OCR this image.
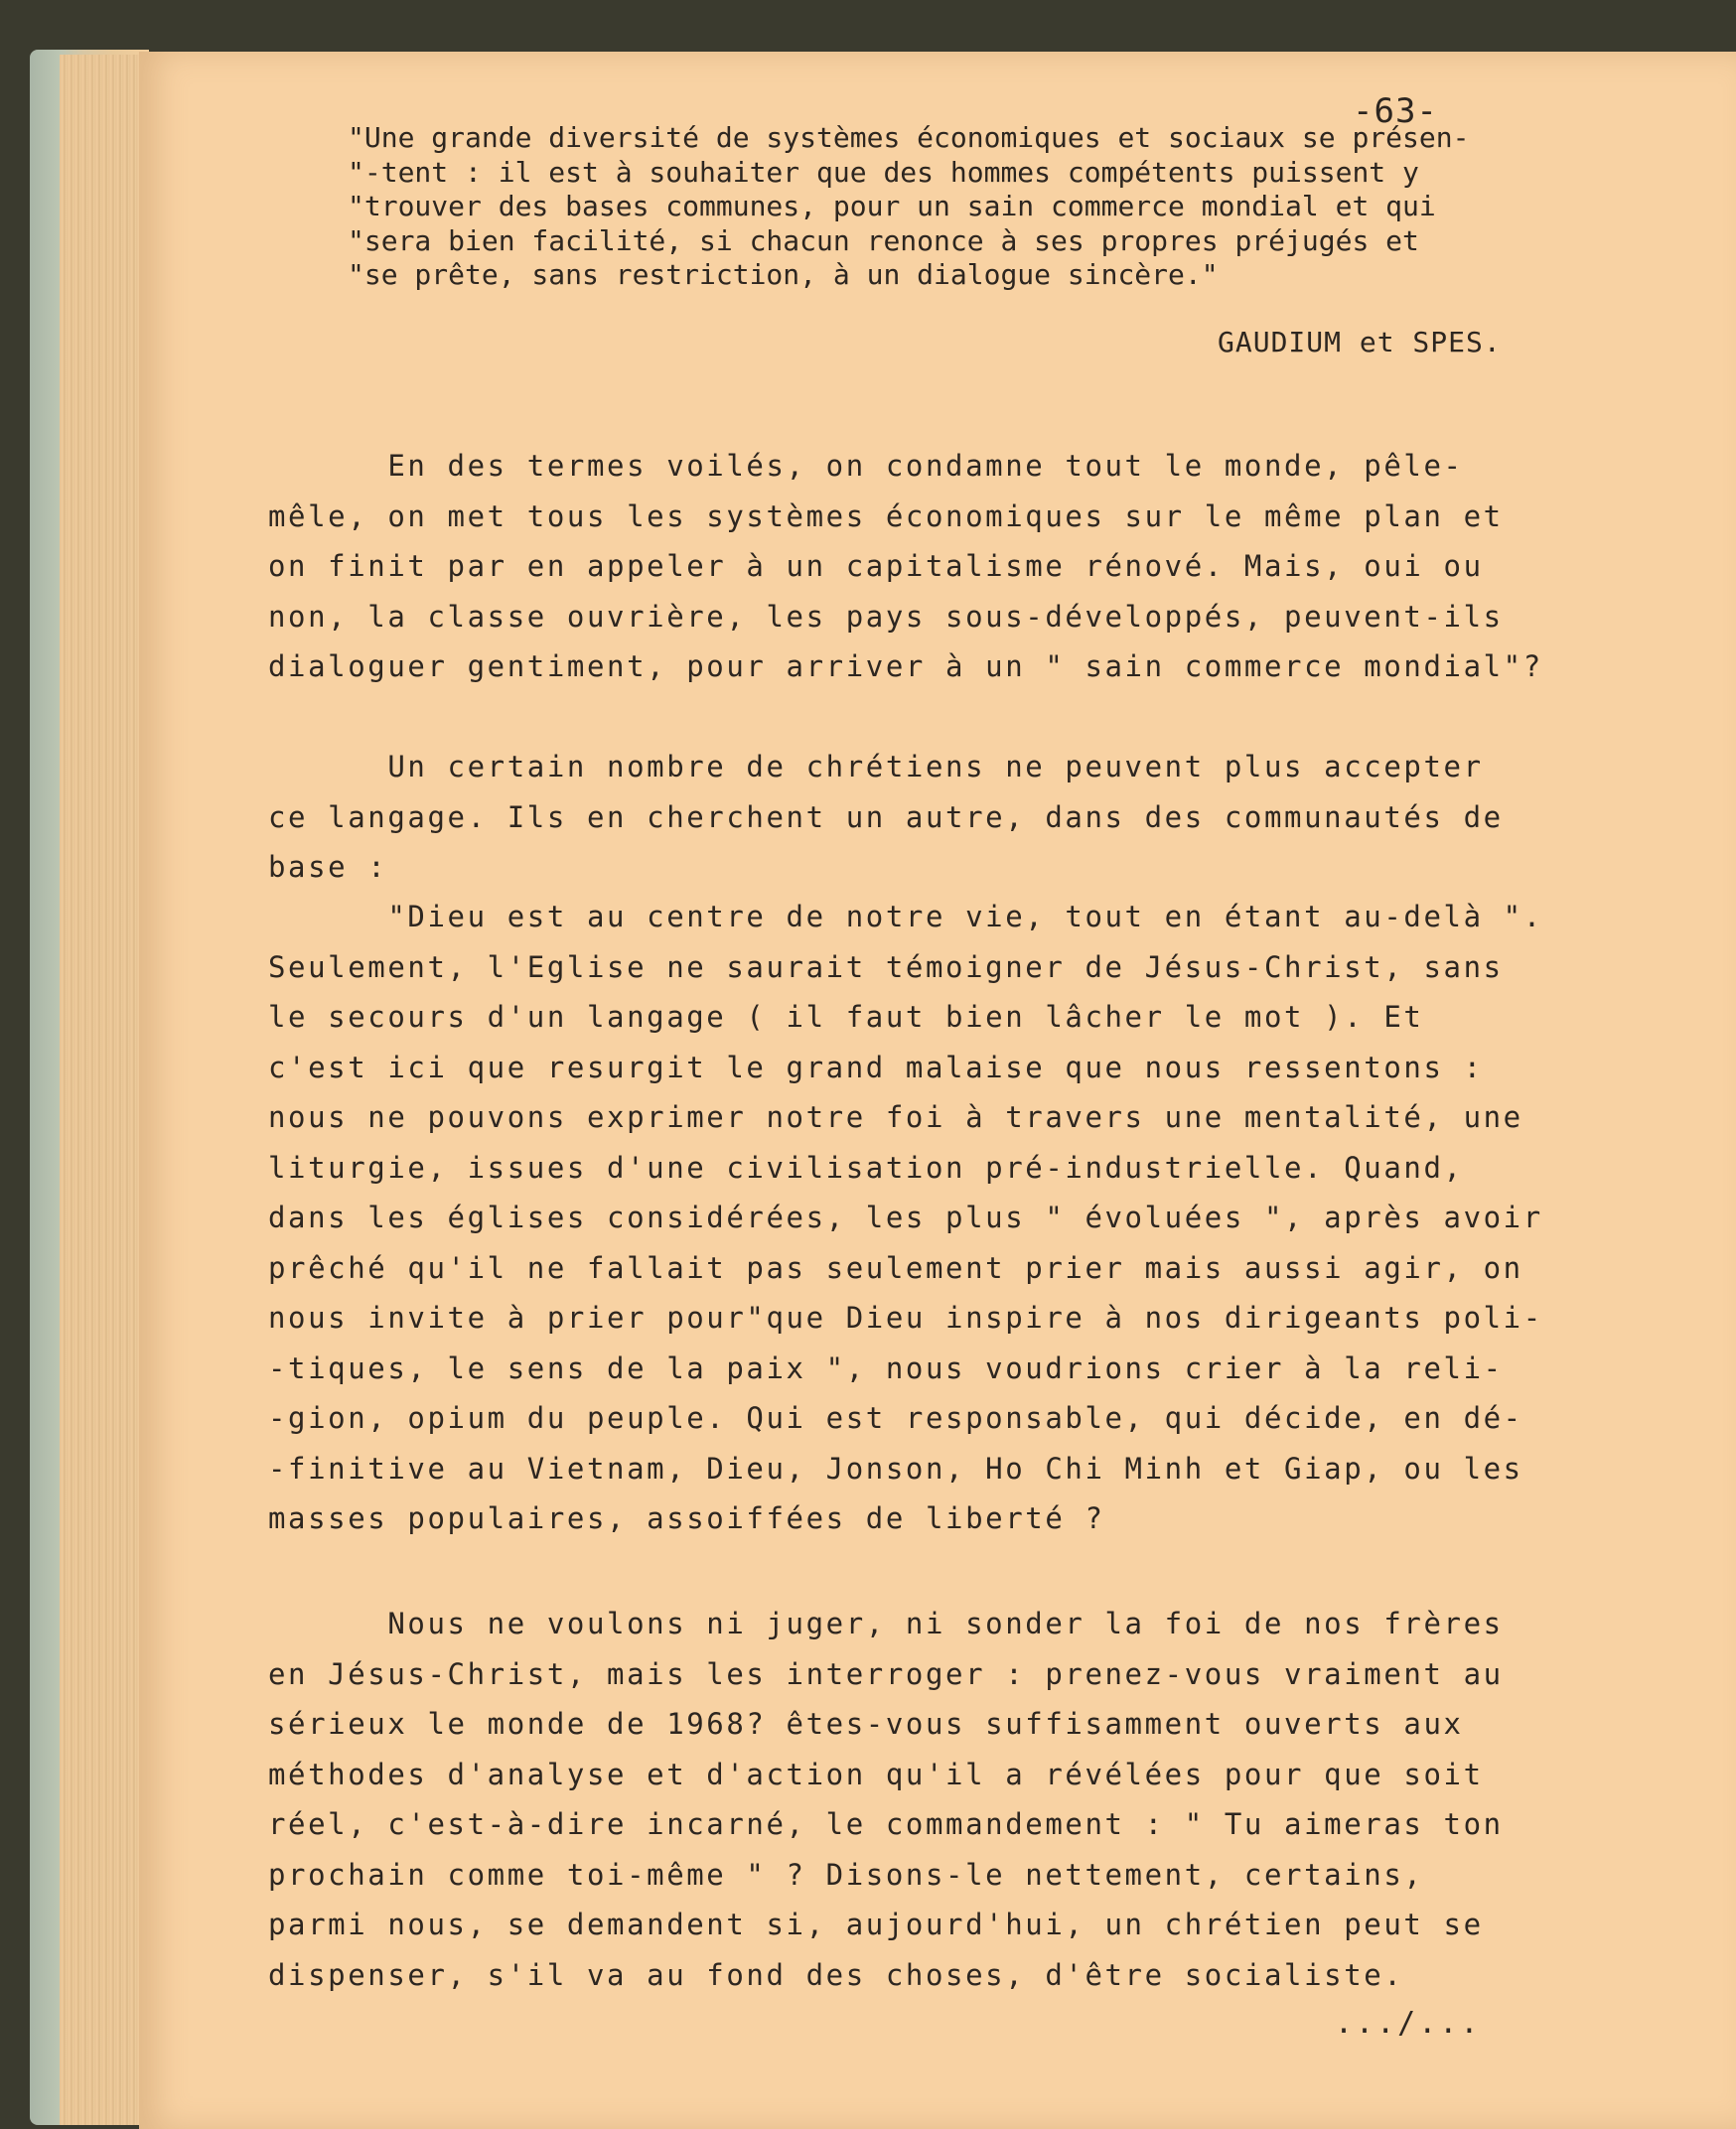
-63-
"Une grande diversité de systèmes économiques et sociaux se présen-
"-tent : il est à souhaiter que des hommes compétents puissent y
"trouver des bases communes, pour un sain commerce mondial et qui
"sera bien facilité, si chacun renonce à ses propres préjugés et
"se prête, sans restriction, à un dialogue sincère."
GAUDIUM et SPES.
En des termes voilés, on condamne tout le monde, pêle-
mêle, on met tous les systèmes économiques sur le même plan et
on finit par en appeler à un capitalisme rénové. Mais, oui ou
non, la classe ouvrière, les pays sous-développés, peuvent-ils
dialoguer gentiment, pour arriver à un " sain commerce mondial"?
Un certain nombre de chrétiens ne peuvent plus accepter
ce langage. Ils en cherchent un autre, dans des communautés de
base :
"Dieu est au centre de notre vie, tout en étant au-delà ".
Seulement, l'Eglise ne saurait témoigner de Jésus-Christ, sans
le secours d'un langage ( il faut bien lâcher le mot ). Et
c'est ici que resurgit le grand malaise que nous ressentons :
nous ne pouvons exprimer notre foi à travers une mentalité, une
liturgie, issues d'une civilisation pré-industrielle. Quand,
dans les églises considérées, les plus " évoluées ", après avoir
prêché qu'il ne fallait pas seulement prier mais aussi agir, on
nous invite à prier pour"que Dieu inspire à nos dirigeants poli-
-tiques, le sens de la paix ", nous voudrions crier à la reli-
-gion, opium du peuple. Qui est responsable, qui décide, en dé-
-finitive au Vietnam, Dieu, Jonson, Ho Chi Minh et Giap, ou les
masses populaires, assoiffées de liberté ?
Nous ne voulons ni juger, ni sonder la foi de nos frères
en Jésus-Christ, mais les interroger : prenez-vous vraiment au
sérieux le monde de 1968? êtes-vous suffisamment ouverts aux
méthodes d'analyse et d'action qu'il a révélées pour que soit
réel, c'est-à-dire incarné, le commandement : " Tu aimeras ton
prochain comme toi-même " ? Disons-le nettement, certains,
parmi nous, se demandent si, aujourd'hui, un chrétien peut se
dispenser, s'il va au fond des choses, d'être socialiste.
.../...
